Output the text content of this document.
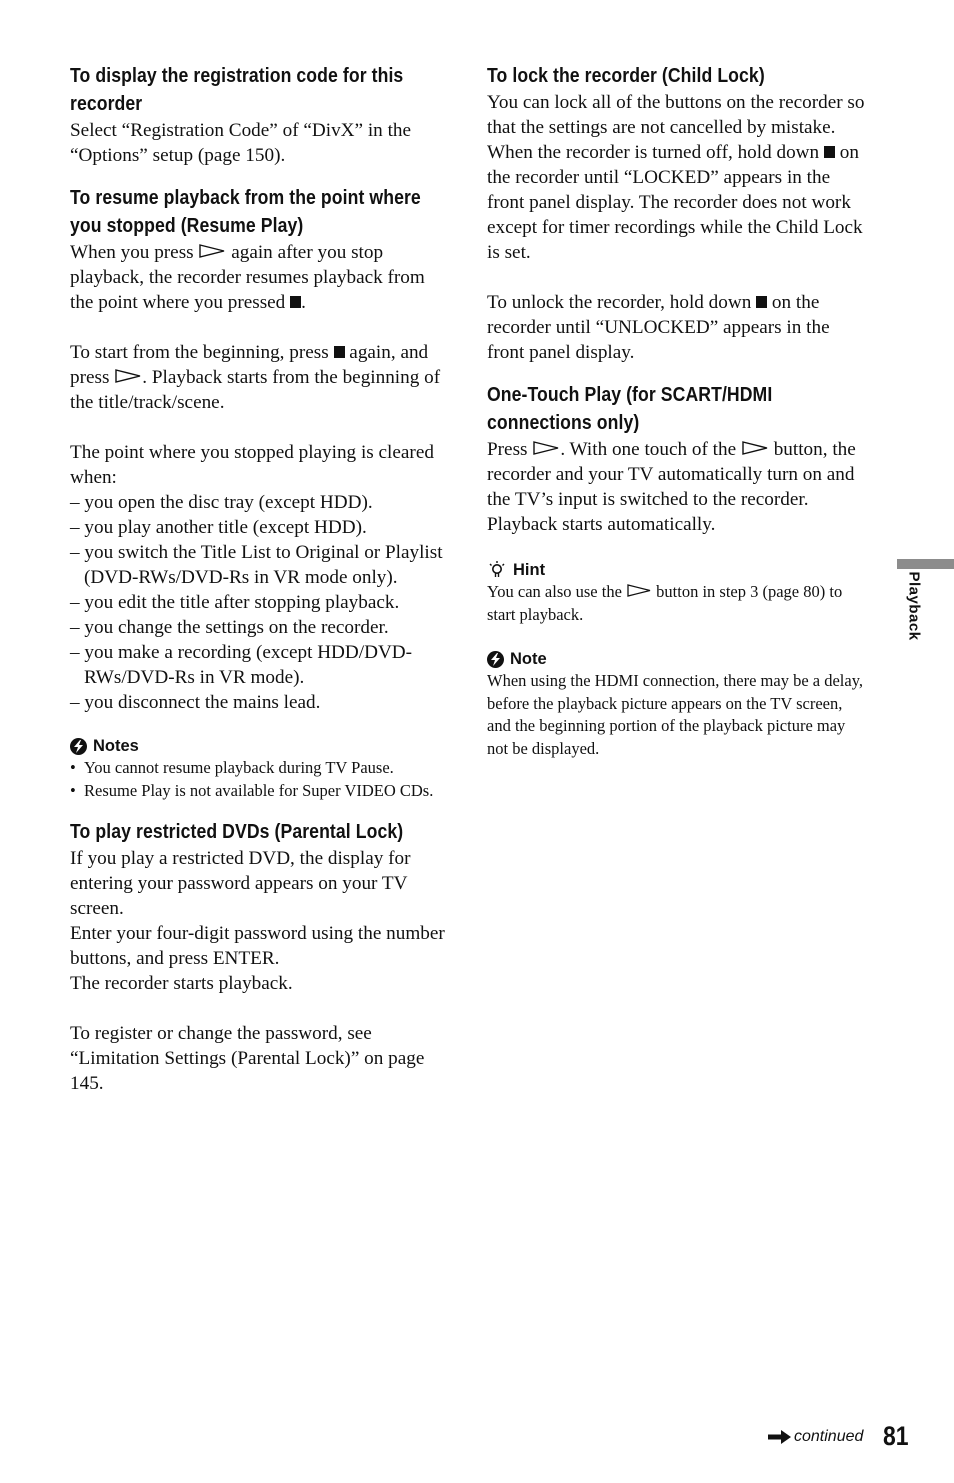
To display the registration code for this recorder

Select “Registration Code” of “DivX” in the “Options” setup (page 150).

To resume playback from the point where you stopped (Resume Play)

When you press  again after you stop playback, the recorder resumes playback from the point where you pressed .

To start from the beginning, press  again, and press . Playback starts from the beginning of the title/track/scene.

The point where you stopped playing is cleared when:

– you open the disc tray (except HDD).
– you play another title (except HDD).
– you switch the Title List to Original or Playlist (DVD-RWs/DVD-Rs in VR mode only).
– you edit the title after stopping playback.
– you change the settings on the recorder.
– you make a recording (except HDD/DVD-RWs/DVD-Rs in VR mode).
– you disconnect the mains lead.
Notes
• You cannot resume playback during TV Pause.
• Resume Play is not available for Super VIDEO CDs.
To play restricted DVDs (Parental Lock)

If you play a restricted DVD, the display for entering your password appears on your TV screen.

Enter your four-digit password using the number buttons, and press ENTER.

The recorder starts playback.

To register or change the password, see “Limitation Settings (Parental Lock)” on page 145.

To lock the recorder (Child Lock)

You can lock all of the buttons on the recorder so that the settings are not cancelled by mistake.

When the recorder is turned off, hold down  on the recorder until “LOCKED” appears in the front panel display. The recorder does not work except for timer recordings while the Child Lock is set.

To unlock the recorder, hold down  on the recorder until “UNLOCKED” appears in the front panel display.

One-Touch Play (for SCART/HDMI connections only)

Press . With one touch of the  button, the recorder and your TV automatically turn on and the TV’s input is switched to the recorder. Playback starts automatically.

Hint

You can also use the  button in step 3 (page 80) to start playback.

Note

When using the HDMI connection, there may be a delay, before the playback picture appears on the TV screen, and the beginning portion of the playback picture may not be displayed.

Playback
continued 81
